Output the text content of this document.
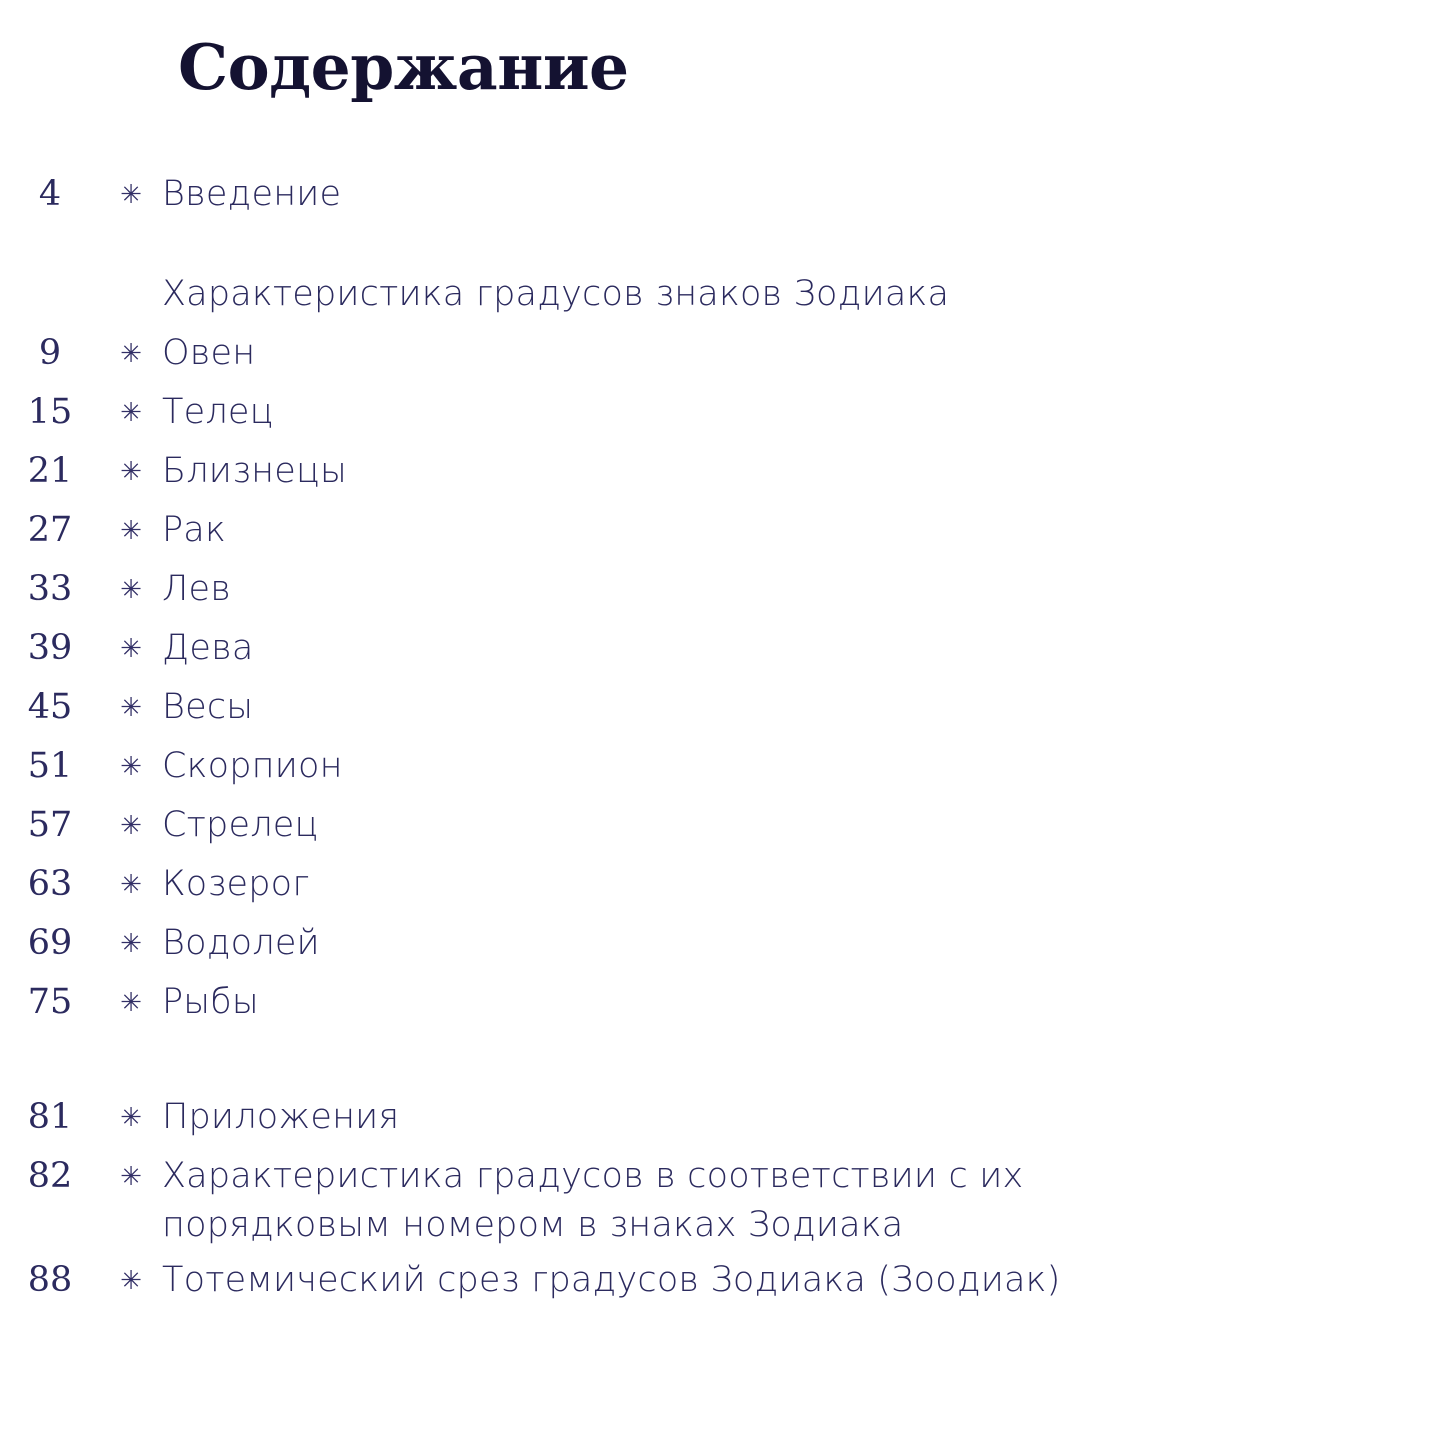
Содержание
4	✳ Введение
Характеристика градусов знаков Зодиака
9	✳ Овен
15	✳ Телец
21	✳ Близнецы
27	✳ Рак
33	✳ Лев
39	✳ Дева
45	✳ Весы
51	✳ Скорпион
57	✳ Стрелец
63	✳ Козерог
69	✳ Водолей
75	✳ Рыбы
81	✳ Приложения
82	✳ Характеристика градусов в соответствии с их
порядковым номером в знаках Зодиака
88	✳ Тотемический срез градусов Зодиака (Зоодиак)
